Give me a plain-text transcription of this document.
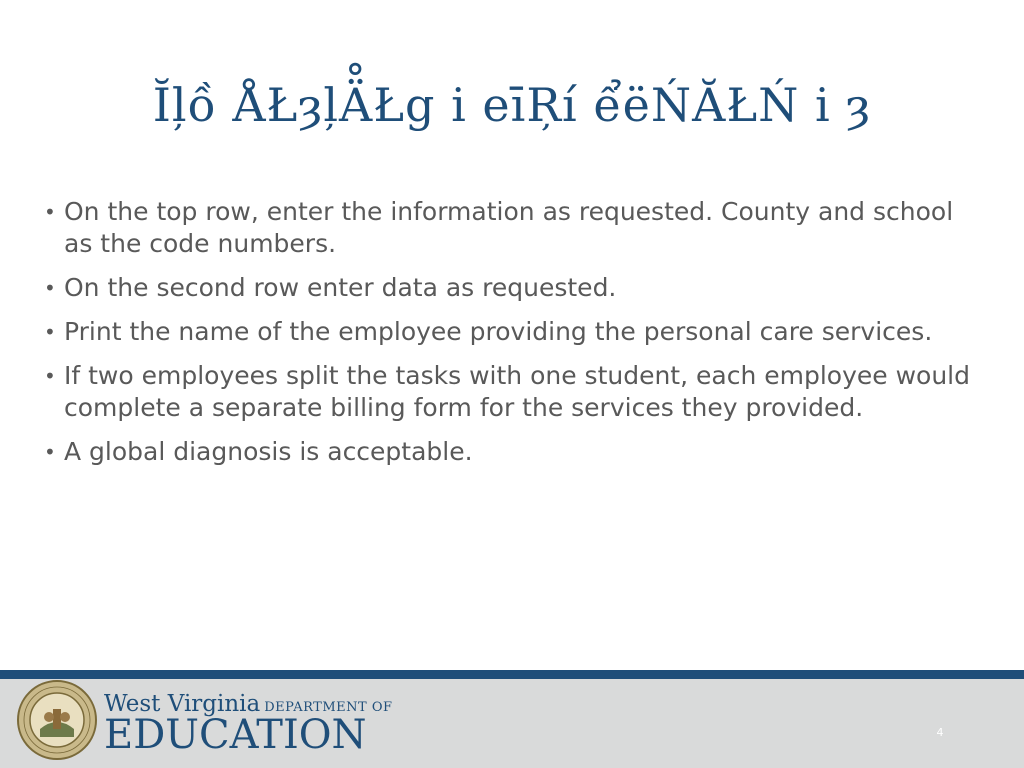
Ĭļồ ÅŁȝļÄ̊Łg i eīŖí ểëŃĂŁŃ i ȝ
• On the top row, enter the information as requested. County and school as the code numbers.
• On the second row enter data as requested.
• Print the name of the employee providing the personal care services.
• If two employees split the tasks with one student, each employee would complete a separate billing form for the services they provided.
• A global diagnosis is acceptable.
West Virginia DEPARTMENT OF
EDUCATION	4
